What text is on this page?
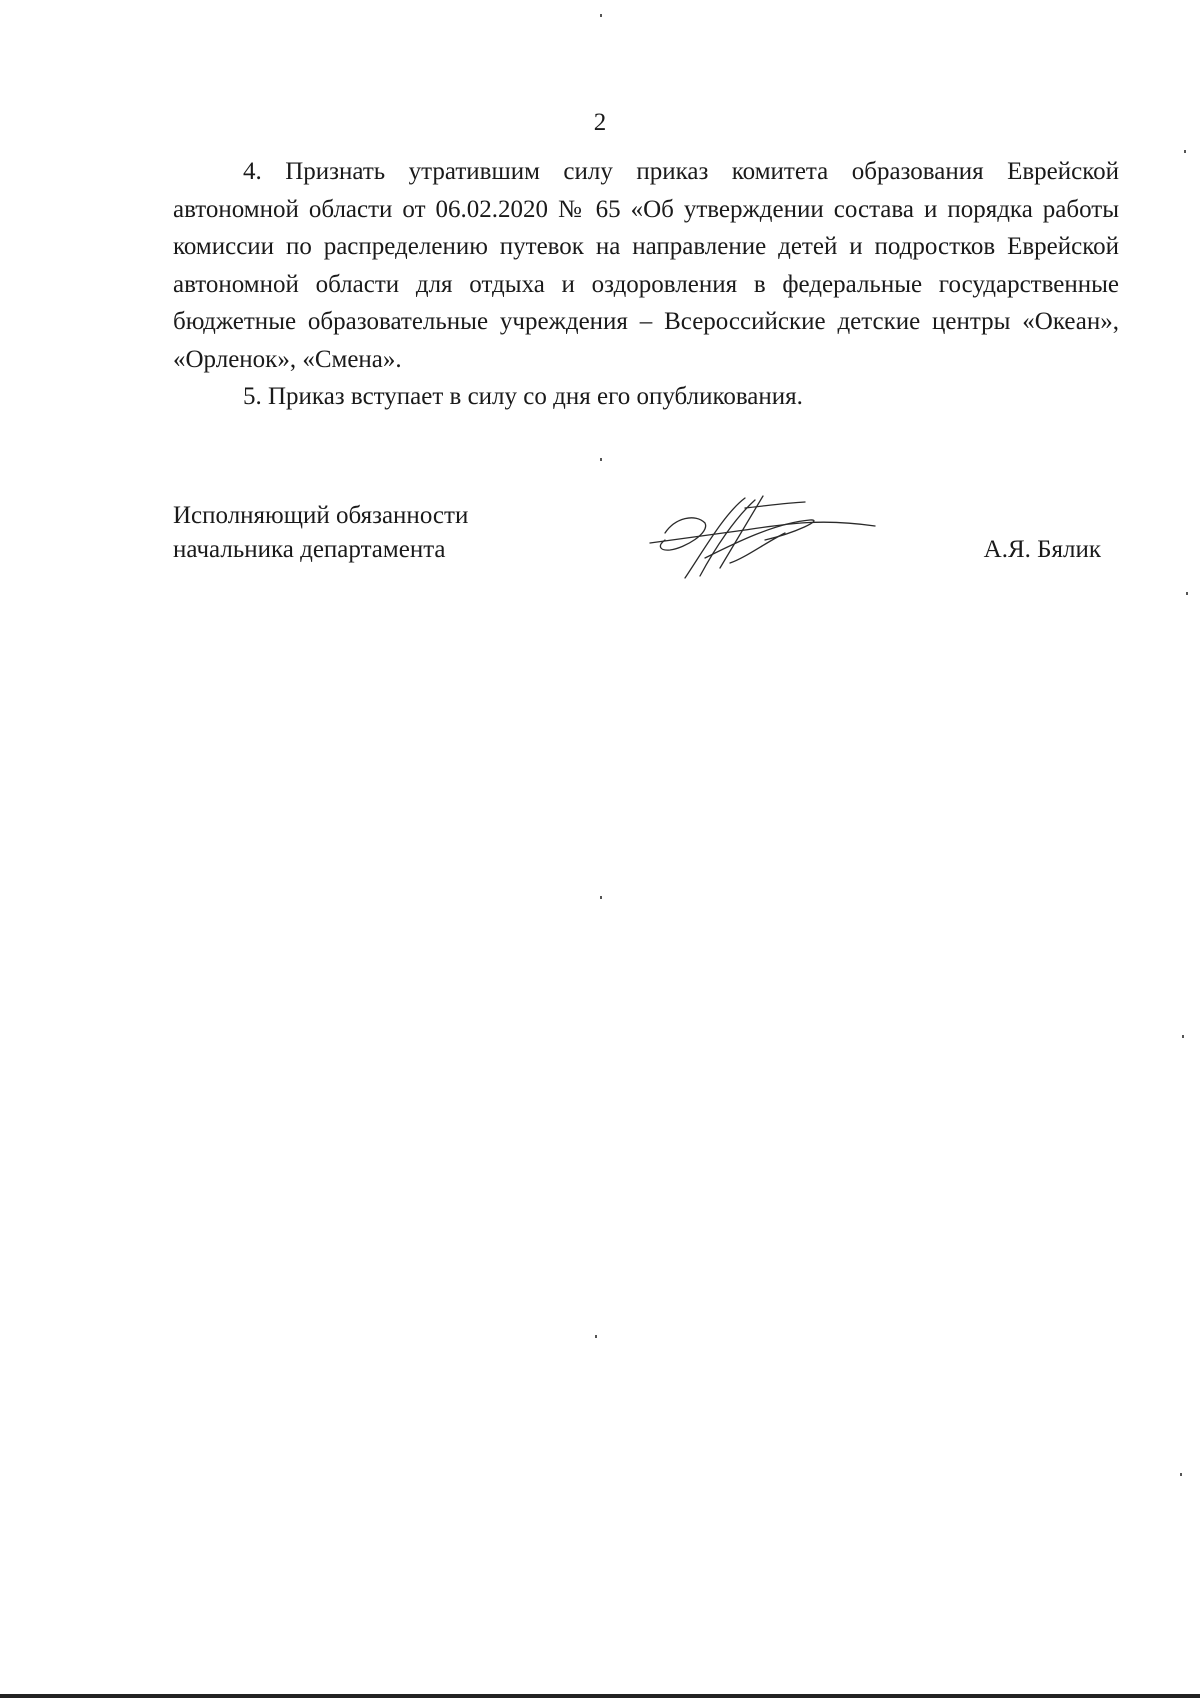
2

4. Признать утратившим силу приказ комитета образования Еврейской автономной области от 06.02.2020 № 65 «Об утверждении состава и порядка работы комиссии по распределению путевок на направление детей и подростков Еврейской автономной области для отдыха и оздоровления в федеральные государственные бюджетные образовательные учреждения – Всероссийские детские центры «Океан», «Орленок», «Смена».

5. Приказ вступает в силу со дня его опубликования.

Исполняющий обязанности
начальника департамента	А.Я. Бялик
